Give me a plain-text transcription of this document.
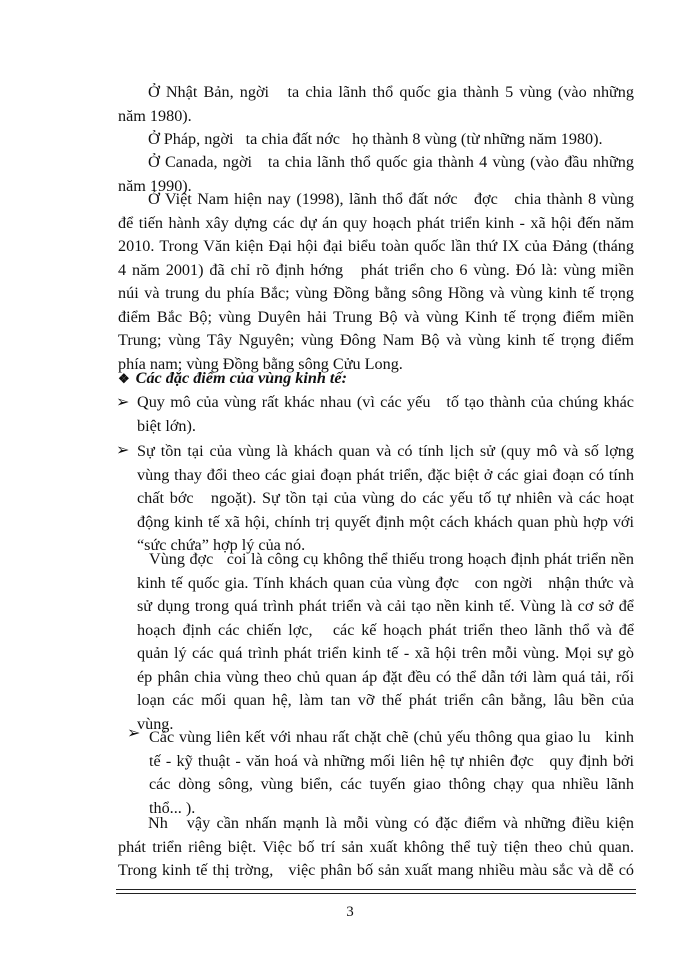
Ở Nhật Bản, ngời   ta chia lãnh thổ quốc gia thành 5 vùng (vào những
năm 1980).
Ở Pháp, ngời   ta chia đất nớc   họ thành 8 vùng (từ những năm 1980).
Ở Canada, ngời   ta chia lãnh thổ quốc gia thành 4 vùng (vào đầu những
năm 1990).
Ở Việt Nam hiện nay (1998), lãnh thổ đất nớc   đợc   chia thành 8 vùng
để tiến hành xây dựng các dự án quy hoạch phát triển kinh - xã hội đến năm
2010. Trong Văn kiện Đại hội đại biểu toàn quốc lần thứ IX của Đảng (tháng
4 năm 2001) đã chỉ rõ định hớng   phát triển cho 6 vùng. Đó là: vùng miền
núi và trung du phía Bắc; vùng Đồng bằng sông Hồng và vùng kinh tế trọng
điểm Bắc Bộ; vùng Duyên hải Trung Bộ và vùng Kinh tế trọng điểm miền
Trung; vùng Tây Nguyên; vùng Đông Nam Bộ và vùng kinh tế trọng điểm
phía nam; vùng Đồng bằng sông Cửu Long.
❖ Các đặc điểm của vùng kinh tế:
➢ Quy mô của vùng rất khác nhau (vì các yếu   tố tạo thành của chúng khác
biệt lớn).
➢ Sự tồn tại của vùng là khách quan và có tính lịch sử (quy mô và số lợng
vùng thay đổi theo các giai đoạn phát triển, đặc biệt ở các giai đoạn có tính
chất bớc   ngoặt). Sự tồn tại của vùng do các yếu tố tự nhiên và các hoạt
động kinh tế xã hội, chính trị quyết định một cách khách quan phù hợp với
“sức chứa” hợp lý của nó.
Vùng đợc   coi là công cụ không thể thiếu trong hoạch định phát triển nền
kinh tế quốc gia. Tính khách quan của vùng đợc   con ngời   nhận thức và
sử dụng trong quá trình phát triển và cải tạo nền kinh tế. Vùng là cơ sở để
hoạch định các chiến lợc,   các kế hoạch phát triển theo lãnh thổ và để
quản lý các quá trình phát triển kinh tế - xã hội trên mỗi vùng. Mọi sự gò
ép phân chia vùng theo chủ quan áp đặt đều có thể dẫn tới làm quá tải, rối
loạn các mối quan hệ, làm tan vỡ thế phát triển cân bằng, lâu bền của
vùng.
➢ Các vùng liên kết với nhau rất chặt chẽ (chủ yếu thông qua giao lu   kinh
tế - kỹ thuật - văn hoá và những mối liên hệ tự nhiên đợc   quy định bởi
các dòng sông, vùng biển, các tuyến giao thông chạy qua nhiều lãnh
thổ... ).
Nh   vậy cần nhấn mạnh là mỗi vùng có đặc điểm và những điều kiện
phát triển riêng biệt. Việc bố trí sản xuất không thể tuỳ tiện theo chủ quan.
Trong kinh tế thị trờng,   việc phân bố sản xuất mang nhiều màu sắc và dễ có
3
